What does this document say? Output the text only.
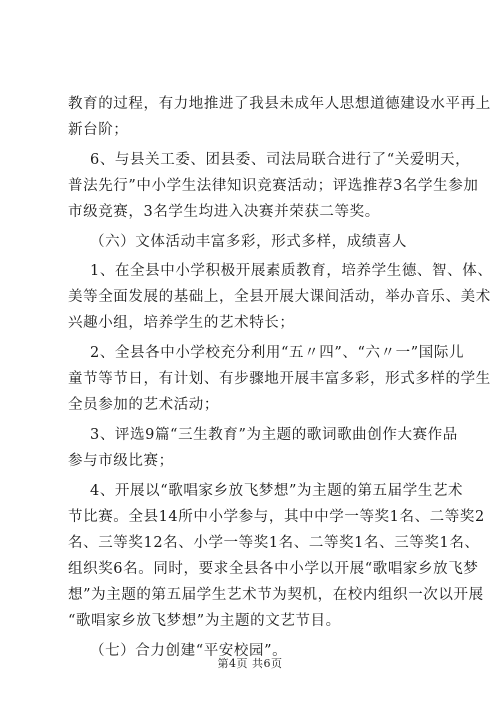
教育的过程，有力地推进了我县未成年人思想道德建设水平再上
新台阶；
6、与县关工委、团县委、司法局联合进行了“关爱明天，
普法先行”中小学生法律知识竞赛活动；评选推荐3名学生参加
市级竞赛，3名学生均进入决赛并荣获二等奖。
（六）文体活动丰富多彩，形式多样，成绩喜人
1、在全县中小学积极开展素质教育，培养学生德、智、体、
美等全面发展的基础上，全县开展大课间活动，举办音乐、美术
兴趣小组，培养学生的艺术特长；
2、全县各中小学校充分利用“五〃四”、“六〃一”国际儿
童节等节日，有计划、有步骤地开展丰富多彩，形式多样的学生
全员参加的艺术活动；
3、评选9篇“三生教育”为主题的歌词歌曲创作大赛作品
参与市级比赛；
4、开展以“歌唱家乡放飞梦想”为主题的第五届学生艺术
节比赛。全县14所中小学参与，其中中学一等奖1名、二等奖2
名、三等奖12名、小学一等奖1名、二等奖1名、三等奖1名、
组织奖6名。同时，要求全县各中小学以开展“歌唱家乡放飞梦
想”为主题的第五届学生艺术节为契机，在校内组织一次以开展
“歌唱家乡放飞梦想”为主题的文艺节目。
（七）合力创建“平安校园”。
第4页 共6页
